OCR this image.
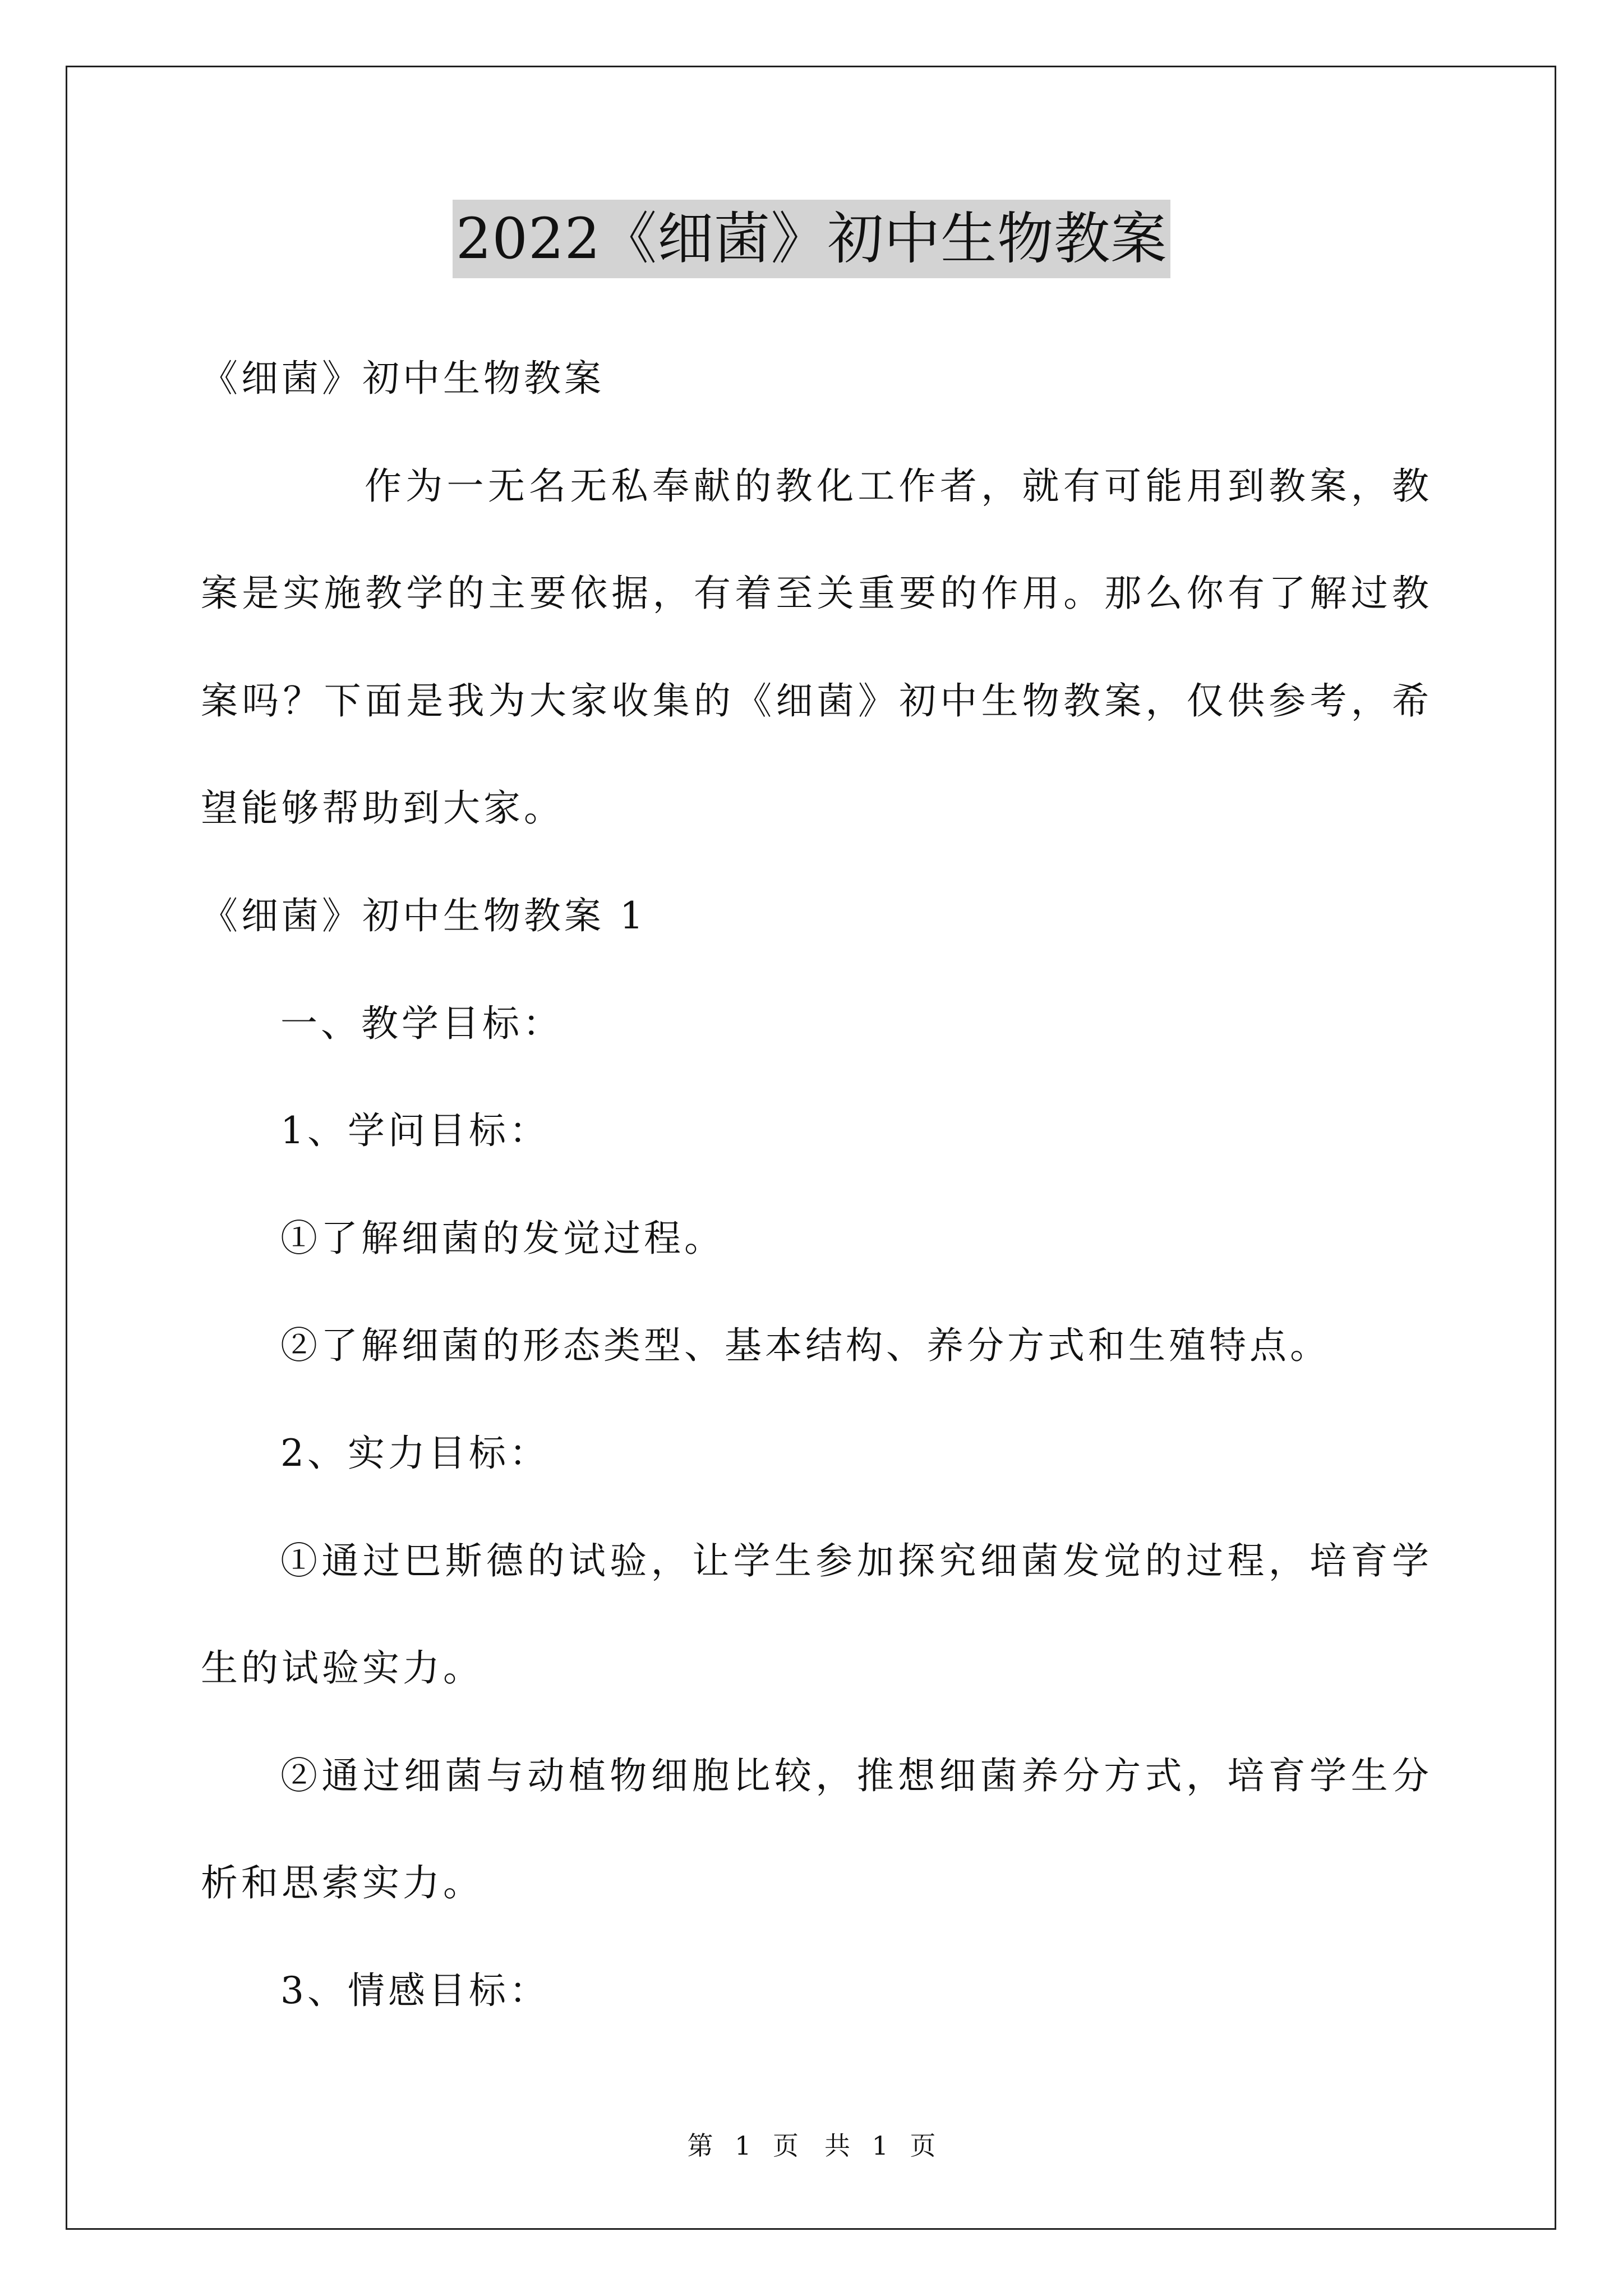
2022《细菌》初中生物教案
《细菌》初中生物教案
作为一无名无私奉献的教化工作者，就有可能用到教案，教
案是实施教学的主要依据，有着至关重要的作用。那么你有了解过教
案吗？下面是我为大家收集的《细菌》初中生物教案，仅供参考，希
望能够帮助到大家。
《细菌》初中生物教案 1
一、教学目标：
1、学问目标：
①了解细菌的发觉过程。
②了解细菌的形态类型、基本结构、养分方式和生殖特点。
2、实力目标：
①通过巴斯德的试验，让学生参加探究细菌发觉的过程，培育学
生的试验实力。
②通过细菌与动植物细胞比较，推想细菌养分方式，培育学生分
析和思索实力。
3、情感目标：
第 1 页　共 1 页
